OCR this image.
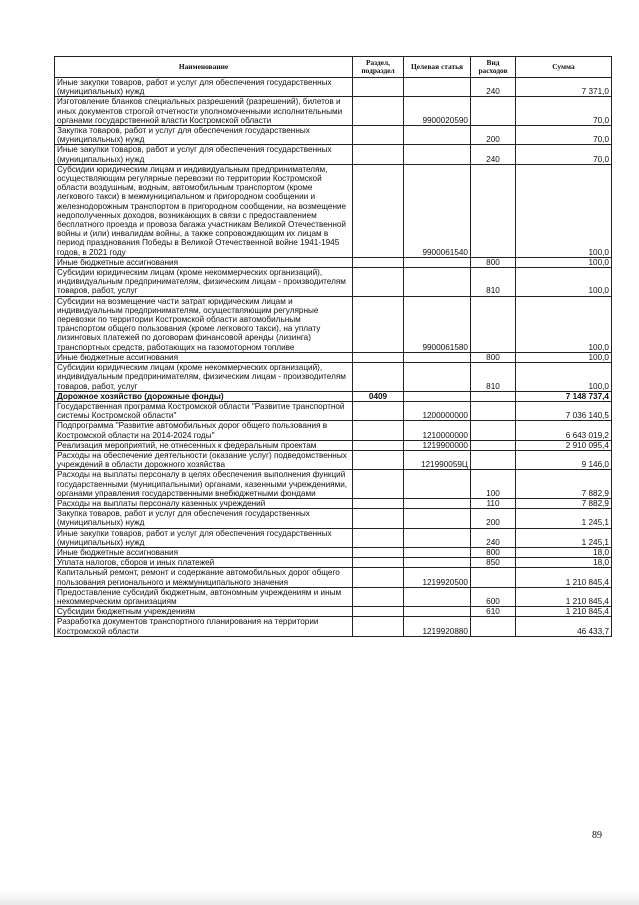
Наименование	Раздел, подраздел	Целевая статья	Вид расходов	Сумма
Иные закупки товаров, работ и услуг для обеспечения государственных (муниципальных) нужд			240	7 371,0
Изготовление бланков специальных разрешений (разрешений), билетов и иных документов строгой отчетности уполномоченными исполнительными органами государственной власти Костромской области		9900020590		70,0
Закупка товаров, работ и услуг для обеспечения государственных (муниципальных) нужд			200	70,0
Иные закупки товаров, работ и услуг для обеспечения государственных (муниципальных) нужд			240	70,0
Субсидии юридическим лицам и индивидуальным предпринимателям, осуществляющим регулярные перевозки по территории Костромской области воздушным, водным, автомобильным транспортом (кроме легкового такси) в межмуниципальном и пригородном сообщении и железнодорожным транспортом в пригородном сообщении, на возмещение недополученных доходов, возникающих в связи с предоставлением бесплатного проезда и провоза багажа участникам Великой Отечественной войны и (или) инвалидам войны, а также сопровождающим их лицам в период празднования Победы в Великой Отечественной войне 1941-1945 годов, в 2021 году		9900061540		100,0
Иные бюджетные ассигнования			800	100,0
Субсидии юридическим лицам (кроме некоммерческих организаций), индивидуальным предпринимателям, физическим лицам - производителям товаров, работ, услуг			810	100,0
Субсидии на возмещение части затрат юридическим лицам и индивидуальным предпринимателям, осуществляющим регулярные перевозки по территории Костромской области автомобильным транспортом общего пользования (кроме легкового такси), на уплату лизинговых платежей по договорам финансовой аренды (лизинга) транспортных средств, работающих на газомоторном топливе		9900061580		100,0
Иные бюджетные ассигнования			800	100,0
Субсидии юридическим лицам (кроме некоммерческих организаций), индивидуальным предпринимателям, физическим лицам - производителям товаров, работ, услуг			810	100,0
Дорожное хозяйство (дорожные фонды)	0409			7 148 737,4
Государственная программа Костромской области "Развитие транспортной системы Костромской области"		1200000000		7 036 140,5
Подпрограмма "Развитие автомобильных дорог общего пользования в Костромской области на 2014-2024 годы"		1210000000		6 643 019,2
Реализация мероприятий, не отнесенных к федеральным проектам		1219900000		2 910 095,4
Расходы на обеспечение деятельности (оказание услуг) подведомственных учреждений в области дорожного хозяйства		121990059Ц		9 146,0
Расходы на выплаты персоналу в целях обеспечения выполнения функций государственными (муниципальными) органами, казенными учреждениями, органами управления государственными внебюджетными фондами			100	7 882,9
Расходы на выплаты персоналу казенных учреждений			110	7 882,9
Закупка товаров, работ и услуг для обеспечения государственных (муниципальных) нужд			200	1 245,1
Иные закупки товаров, работ и услуг для обеспечения государственных (муниципальных) нужд			240	1 245,1
Иные бюджетные ассигнования			800	18,0
Уплата налогов, сборов и иных платежей			850	18,0
Капитальный ремонт, ремонт и содержание автомобильных дорог общего пользования регионального и межмуниципального значения		1219920500		1 210 845,4
Предоставление субсидий бюджетным, автономным учреждениям и иным некоммерческим организациям			600	1 210 845,4
Субсидии бюджетным учреждениям			610	1 210 845,4
Разработка документов транспортного планирования на территории Костромской области		1219920880		46 433,7
89
